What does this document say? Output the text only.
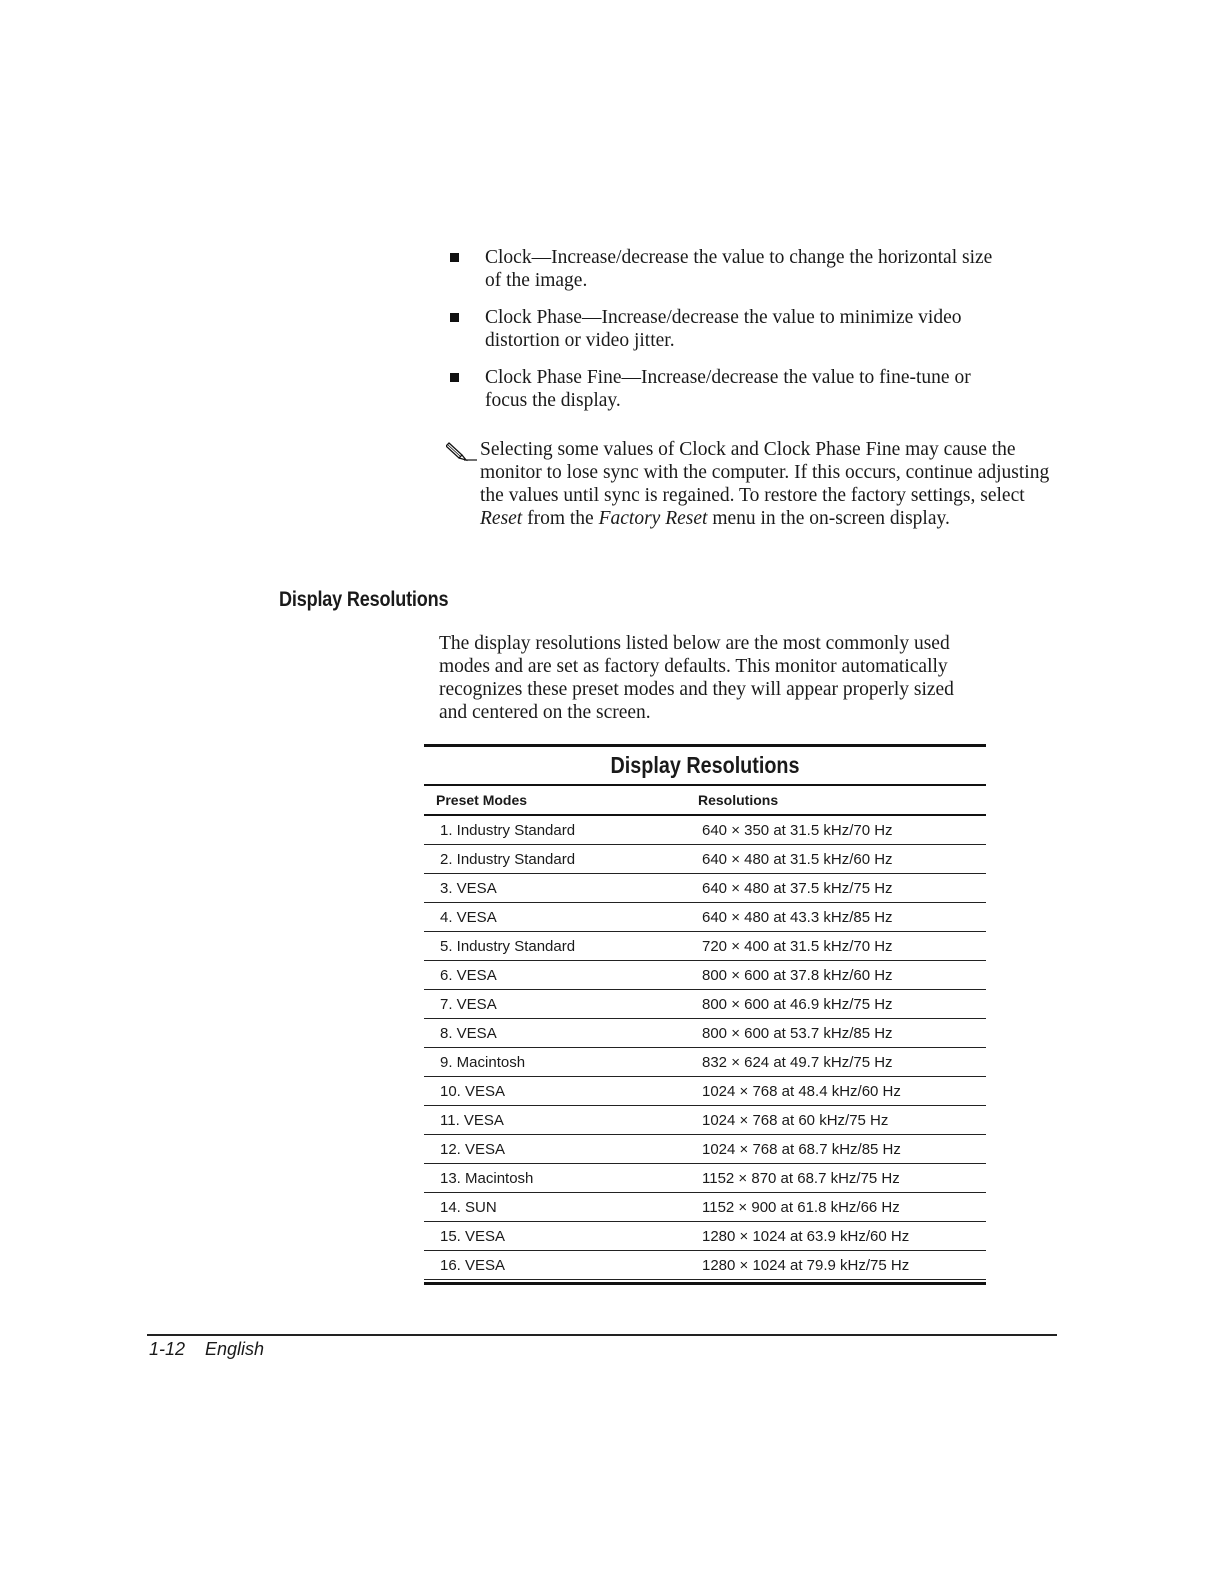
Clock—Increase/decrease the value to change the horizontal size of the image.
Clock Phase—Increase/decrease the value to minimize video distortion or video jitter.
Clock Phase Fine—Increase/decrease the value to fine-tune or focus the display.
Selecting some values of Clock and Clock Phase Fine may cause the monitor to lose sync with the computer. If this occurs, continue adjusting the values until sync is regained. To restore the factory settings, select Reset from the Factory Reset menu in the on-screen display.
Display Resolutions

The display resolutions listed below are the most commonly used modes and are set as factory defaults. This monitor automatically recognizes these preset modes and they will appear properly sized and centered on the screen.

Display Resolutions
Preset Modes	Resolutions
1. Industry Standard	640 × 350 at 31.5 kHz/70 Hz
2. Industry Standard	640 × 480 at 31.5 kHz/60 Hz
3. VESA	640 × 480 at 37.5 kHz/75 Hz
4. VESA	640 × 480 at 43.3 kHz/85 Hz
5. Industry Standard	720 × 400 at 31.5 kHz/70 Hz
6. VESA	800 × 600 at 37.8 kHz/60 Hz
7. VESA	800 × 600 at 46.9 kHz/75 Hz
8. VESA	800 × 600 at 53.7 kHz/85 Hz
9. Macintosh	832 × 624 at 49.7 kHz/75 Hz
10. VESA	1024 × 768 at 48.4 kHz/60 Hz
11. VESA	1024 × 768 at 60 kHz/75 Hz
12. VESA	1024 × 768 at 68.7 kHz/85 Hz
13. Macintosh	1152 × 870 at 68.7 kHz/75 Hz
14. SUN	1152 × 900 at 61.8 kHz/66 Hz
15. VESA	1280 × 1024 at 63.9 kHz/60 Hz
16. VESA	1280 × 1024 at 79.9 kHz/75 Hz

1-12 English
